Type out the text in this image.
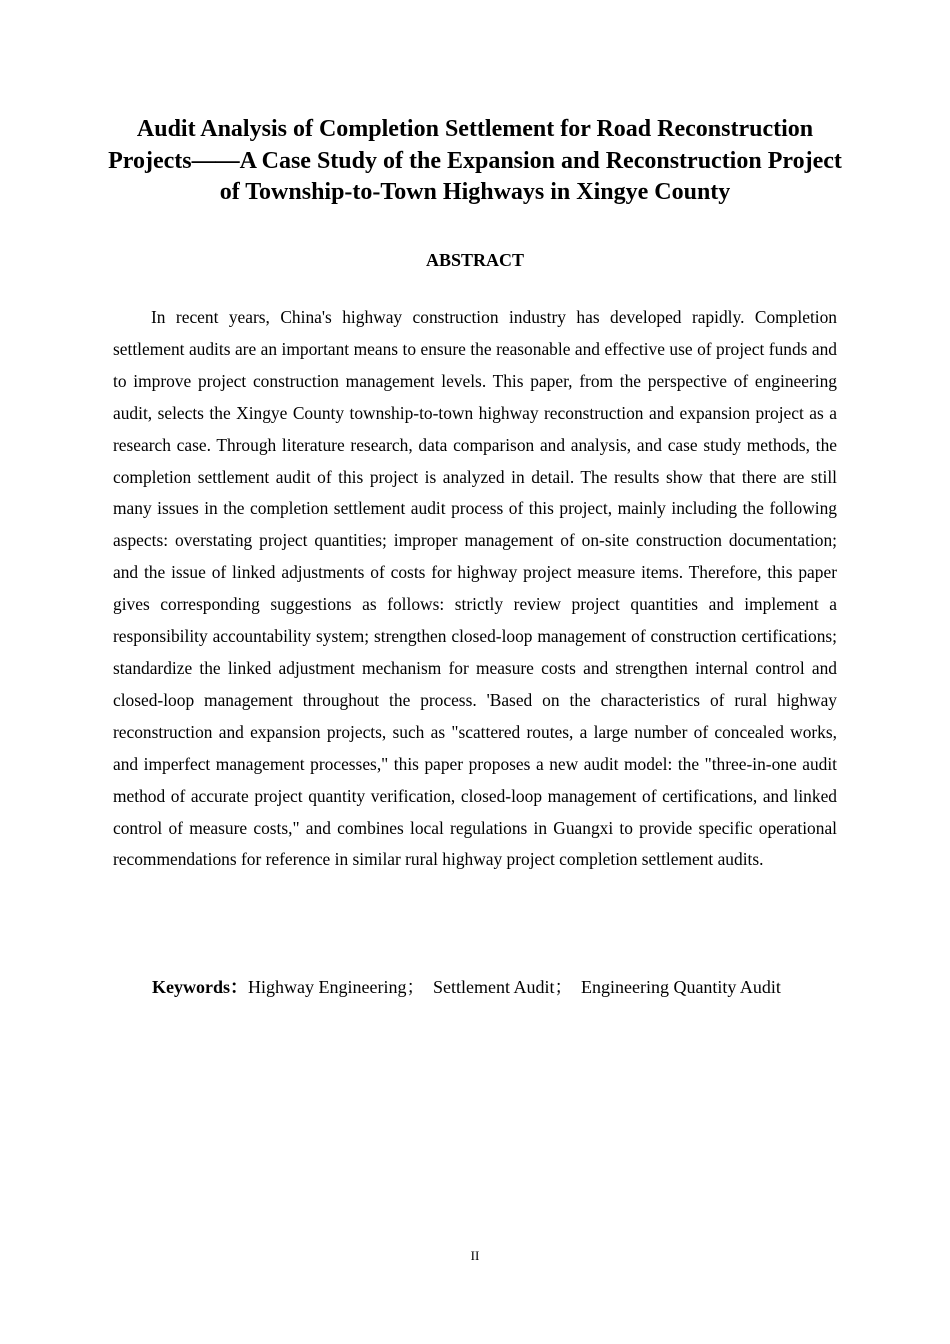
Audit Analysis of Completion Settlement for Road Reconstruction Projects——A Case Study of the Expansion and Reconstruction Project of Township-to-Town Highways in Xingye County
ABSTRACT

In recent years, China's highway construction industry has developed rapidly. Completion settlement audits are an important means to ensure the reasonable and effective use of project funds and to improve project construction management levels. This paper, from the perspective of engineering audit, selects the Xingye County township-to-town highway reconstruction and expansion project as a research case. Through literature research, data comparison and analysis, and case study methods, the completion settlement audit of this project is analyzed in detail. The results show that there are still many issues in the completion settlement audit process of this project, mainly including the following aspects: overstating project quantities; improper management of on-site construction documentation; and the issue of linked adjustments of costs for highway project measure items. Therefore, this paper gives corresponding suggestions as follows: strictly review project quantities and implement a responsibility accountability system; strengthen closed-loop management of construction certifications; standardize the linked adjustment mechanism for measure costs and strengthen internal control and closed-loop management throughout the process. 'Based on the characteristics of rural highway reconstruction and expansion projects, such as "scattered routes, a large number of concealed works, and imperfect management processes," this paper proposes a new audit model: the "three-in-one audit method of accurate project quantity verification, closed-loop management of certifications, and linked control of measure costs," and combines local regulations in Guangxi to provide specific operational recommendations for reference in similar rural highway project completion settlement audits.

Keywords：Highway Engineering； Settlement Audit； Engineering Quantity Audit

II
